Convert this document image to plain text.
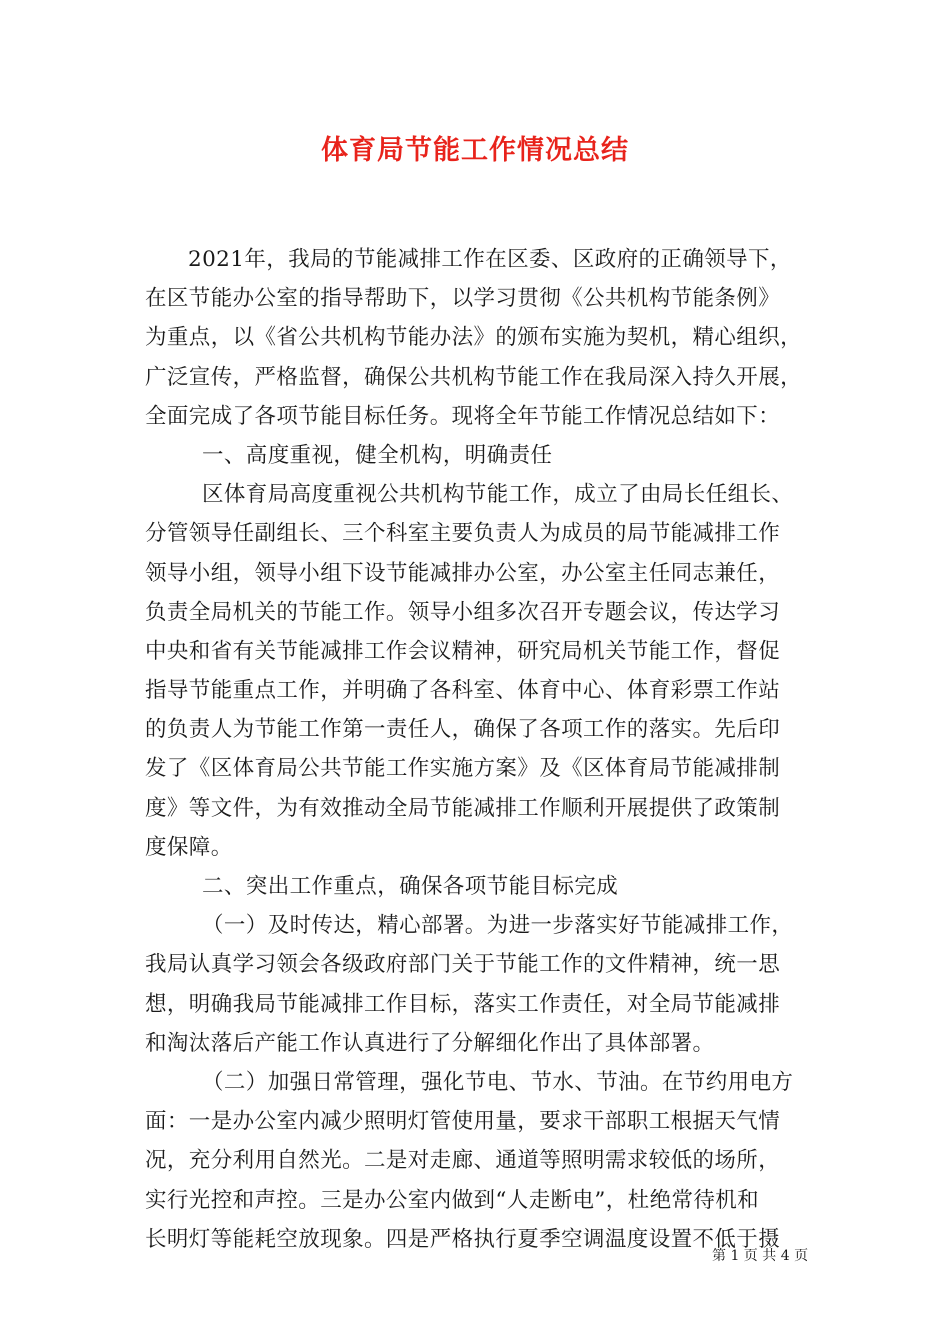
体育局节能工作情况总结
2021年，我局的节能减排工作在区委、区政府的正确领导下，
在区节能办公室的指导帮助下，以学习贯彻《公共机构节能条例》
为重点，以《省公共机构节能办法》的颁布实施为契机，精心组织，
广泛宣传，严格监督，确保公共机构节能工作在我局深入持久开展，
全面完成了各项节能目标任务。现将全年节能工作情况总结如下：
一、高度重视，健全机构，明确责任
区体育局高度重视公共机构节能工作，成立了由局长任组长、
分管领导任副组长、三个科室主要负责人为成员的局节能减排工作
领导小组，领导小组下设节能减排办公室，办公室主任同志兼任，
负责全局机关的节能工作。领导小组多次召开专题会议，传达学习
中央和省有关节能减排工作会议精神，研究局机关节能工作，督促
指导节能重点工作，并明确了各科室、体育中心、体育彩票工作站
的负责人为节能工作第一责任人，确保了各项工作的落实。先后印
发了《区体育局公共节能工作实施方案》及《区体育局节能减排制
度》等文件，为有效推动全局节能减排工作顺利开展提供了政策制
度保障。
二、突出工作重点，确保各项节能目标完成
（一）及时传达，精心部署。为进一步落实好节能减排工作，
我局认真学习领会各级政府部门关于节能工作的文件精神，统一思
想，明确我局节能减排工作目标，落实工作责任，对全局节能减排
和淘汰落后产能工作认真进行了分解细化作出了具体部署。
（二）加强日常管理，强化节电、节水、节油。在节约用电方
面：一是办公室内减少照明灯管使用量，要求干部职工根据天气情
况，充分利用自然光。二是对走廊、通道等照明需求较低的场所，
实行光控和声控。三是办公室内做到“人走断电”，杜绝常待机和
长明灯等能耗空放现象。四是严格执行夏季空调温度设置不低于摄
第 1 页 共 4 页
